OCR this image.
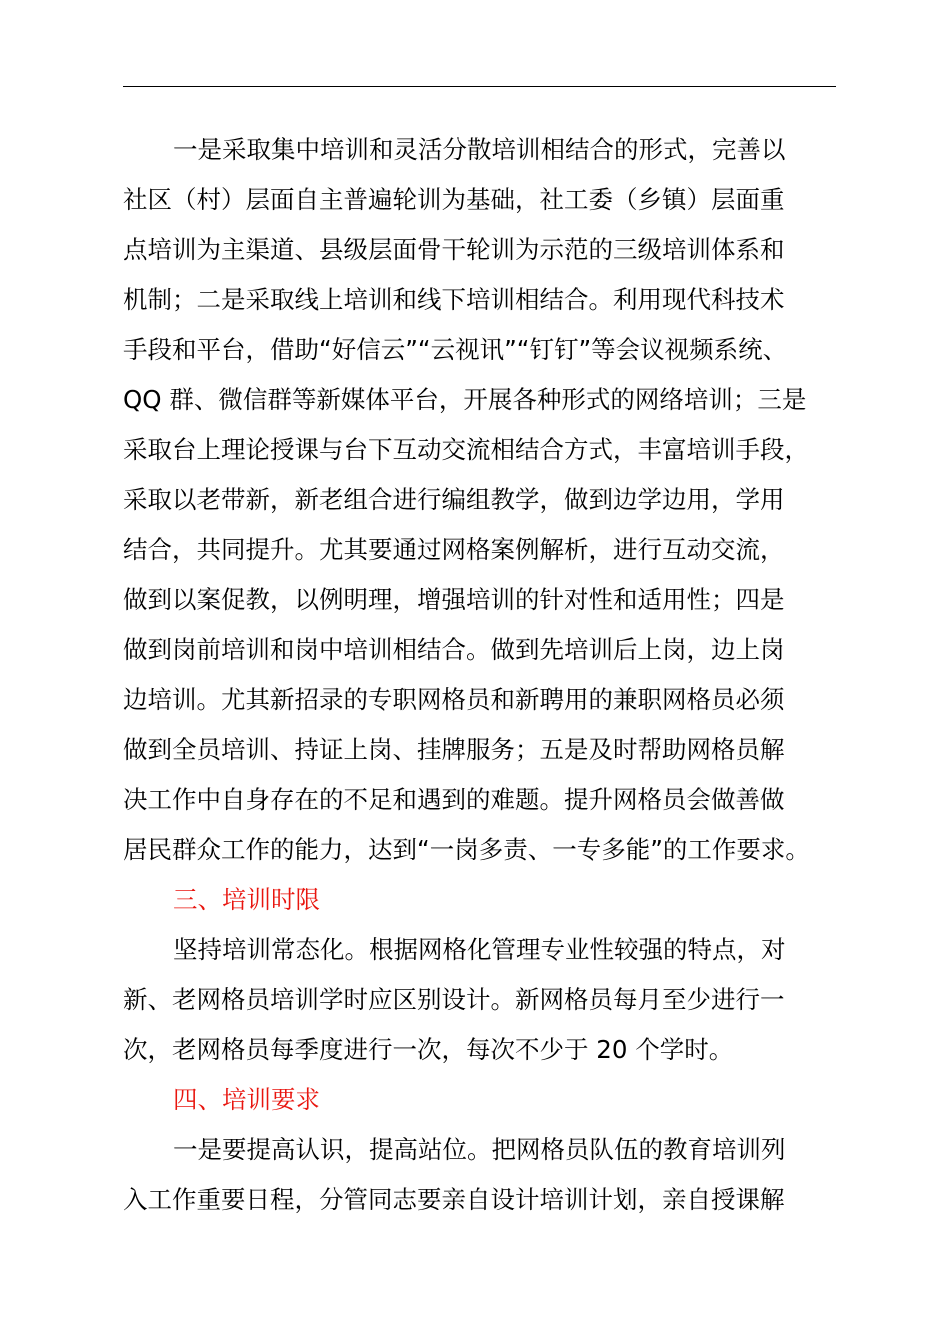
一是采取集中培训和灵活分散培训相结合的形式，完善以
社区（村）层面自主普遍轮训为基础，社工委（乡镇）层面重
点培训为主渠道、县级层面骨干轮训为示范的三级培训体系和
机制；二是采取线上培训和线下培训相结合。利用现代科技术
手段和平台，借助“好信云”“云视讯”“钉钉”等会议视频系统、
QQ 群、微信群等新媒体平台，开展各种形式的网络培训；三是
采取台上理论授课与台下互动交流相结合方式，丰富培训手段，
采取以老带新，新老组合进行编组教学，做到边学边用，学用
结合，共同提升。尤其要通过网格案例解析，进行互动交流，
做到以案促教，以例明理，增强培训的针对性和适用性；四是
做到岗前培训和岗中培训相结合。做到先培训后上岗，边上岗
边培训。尤其新招录的专职网格员和新聘用的兼职网格员必须
做到全员培训、持证上岗、挂牌服务；五是及时帮助网格员解
决工作中自身存在的不足和遇到的难题。提升网格员会做善做
居民群众工作的能力，达到“一岗多责、一专多能”的工作要求。
三、培训时限
坚持培训常态化。根据网格化管理专业性较强的特点，对
新、老网格员培训学时应区别设计。新网格员每月至少进行一
次，老网格员每季度进行一次，每次不少于 20 个学时。
四、培训要求
一是要提高认识，提高站位。把网格员队伍的教育培训列
入工作重要日程，分管同志要亲自设计培训计划，亲自授课解
